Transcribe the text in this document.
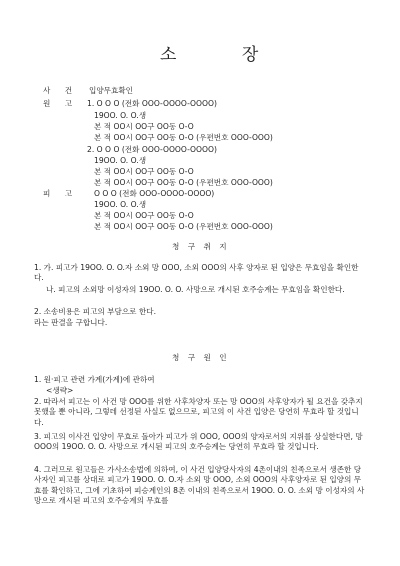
소 장
사 건 입양무효확인
원 고 1. O O O (전화 OOO-OOOO-OOOO)
19OO. O. O.생
본 적 OO시 OO구 OO동 O-O
본 적 OO시 OO구 OO동 O-O (우편번호 OOO-OOO)
2. O O O (전화 OOO-OOOO-OOOO)
19OO. O. O.생
본 적 OO시 OO구 OO동 O-O
본 적 OO시 OO구 OO동 O-O (우편번호 OOO-OOO)
피 고 O O O (전화 OOO-OOOO-OOOO)
19OO. O. O.생
본 적 OO시 OO구 OO동 O-O
본 적 OO시 OO구 OO동 O-O (우편번호 OOO-OOO)
청 구 취 지
1. 가. 피고가 19OO. O. O.자 소외 망 OOO, 소외 OOO의 사후 양자로 된 입양은 무효임을 확인한다.
나. 피고의 소외망 이성자의 19OO. O. O. 사망으로 개시된 호주승계는 무효임을 확인한다.
2. 소송비용은 피고의 부담으로 한다.
라는 판결을 구합니다.
청 구 원 인
1. 원·피고 관련 가계(가계)에 관하여
<생략>
2. 따라서 피고는 이 사건 망 OOO를 위한 사후차양자 또는 망 OOO의 사후양자가 될 요건을 갖추지 못했을 뿐 아니라, 그렇데 선정된 사실도 없으므로, 피고의 이 사건 입양은 당연히 무효라 할 것입니다.
3. 피고의 이사건 입양이 무효로 돌아가 피고가 위 OOO, OOO의 양자로서의 지위를 상실한다면, 망 OOO의 19OO. O. O. 사망으로 개시된 피고의 호주승계는 당연히 무효라 할 것입니다.
4. 그러므로 원고들은 가사소송법에 의하여, 이 사건 입양당사자의 4촌이내의 친족으로서 생존한 당사자인 피고를 상대로 피고가 19OO. O. O.자 소외 망 OOO, 소외 OOO의 사후양자로 된 입양의 무효를 확인하고, 그에 기초하여 피승계인의 8촌 이내의 친족으로서 19OO. O. O. 소외 망 이성자의 사망으로 개시된 피고의 호주승계의 무효를
